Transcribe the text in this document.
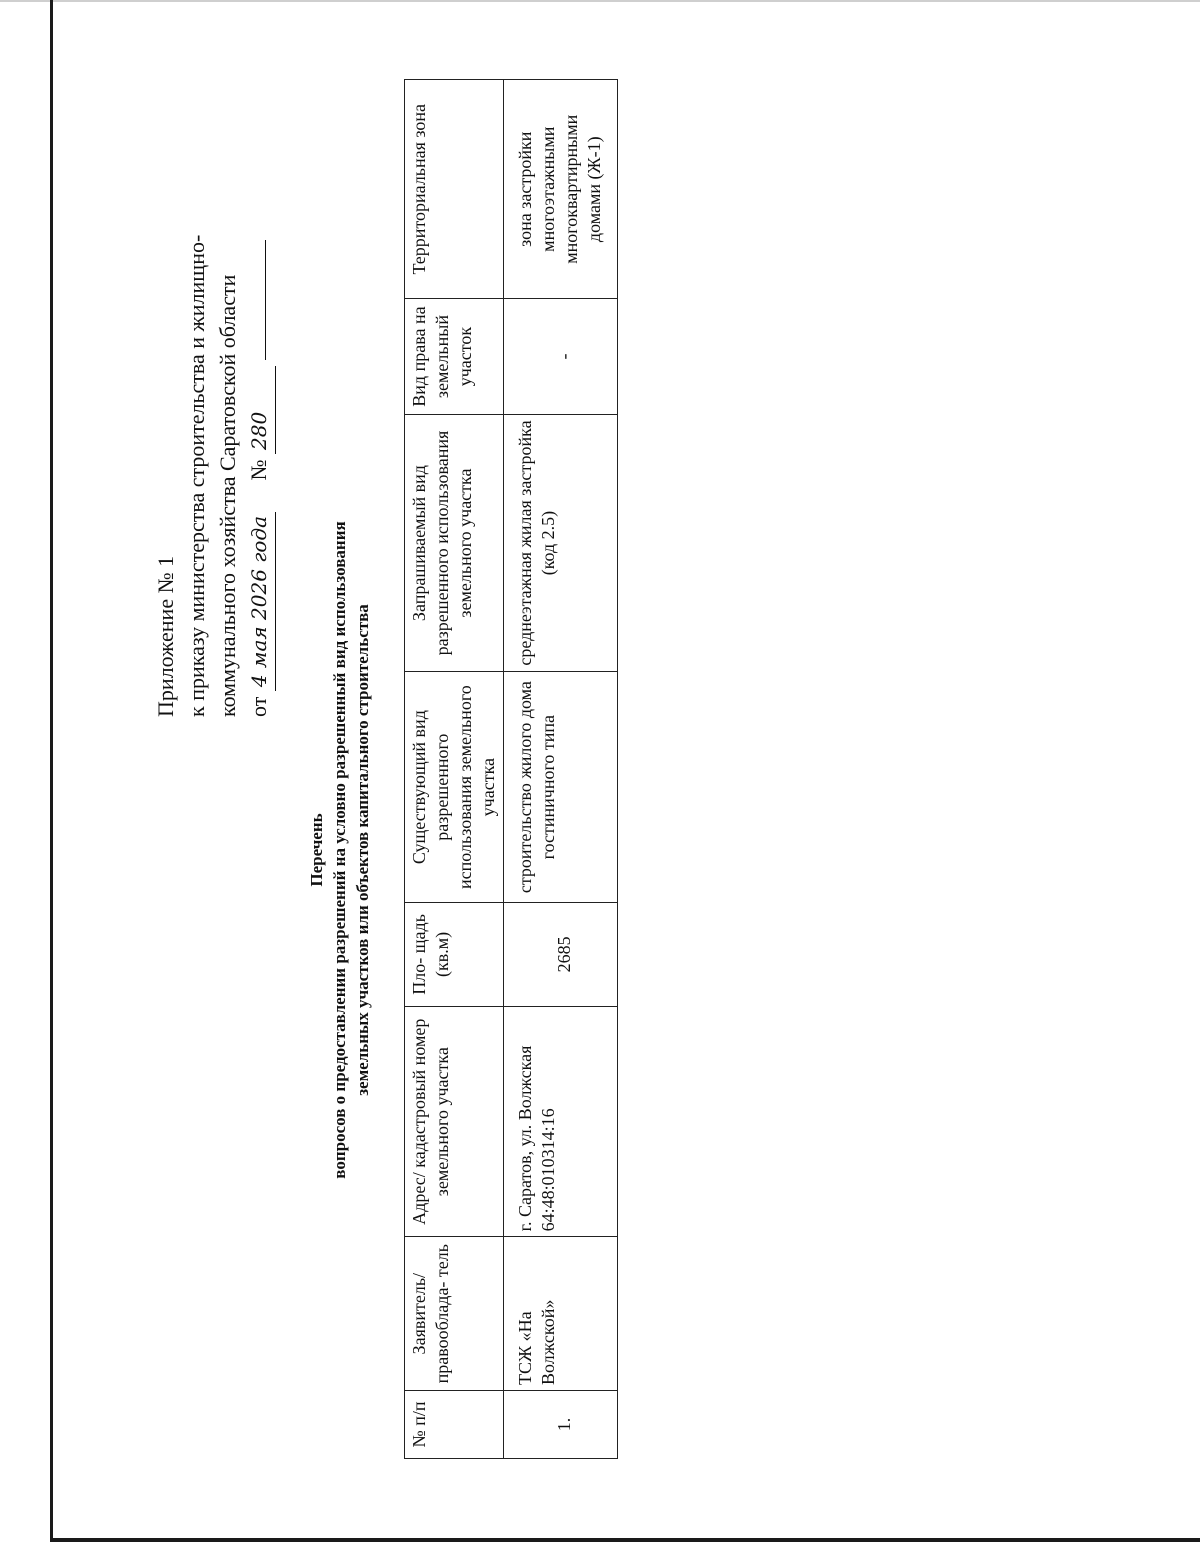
Приложение № 1 к приказу министерства строительства и жилищно- коммунального хозяйства Саратовской области от 4 мая 2026 года № 280
Перечень вопросов о предоставлении разрешений на условно разрешенный вид использования земельных участков или объектов капитального строительства
№ п/п	Заявитель/ правооблада- тель	Адрес/ кадастровый номер земельного участка	Пло- щадь (кв.м)	Существующий вид разрешенного использования земельного участка	Запрашиваемый вид разрешенного использования земельного участка	Вид права на земельный участок	Территориальная зона
1.	ТСЖ «На Волжской»	г. Саратов, ул. Волжская 64:48:010314:16	2685	строительство жилого дома гостиничного типа	среднеэтажная жилая застройка (код 2.5)	-	зона застройки многоэтажными многоквартирными домами (Ж-1)
